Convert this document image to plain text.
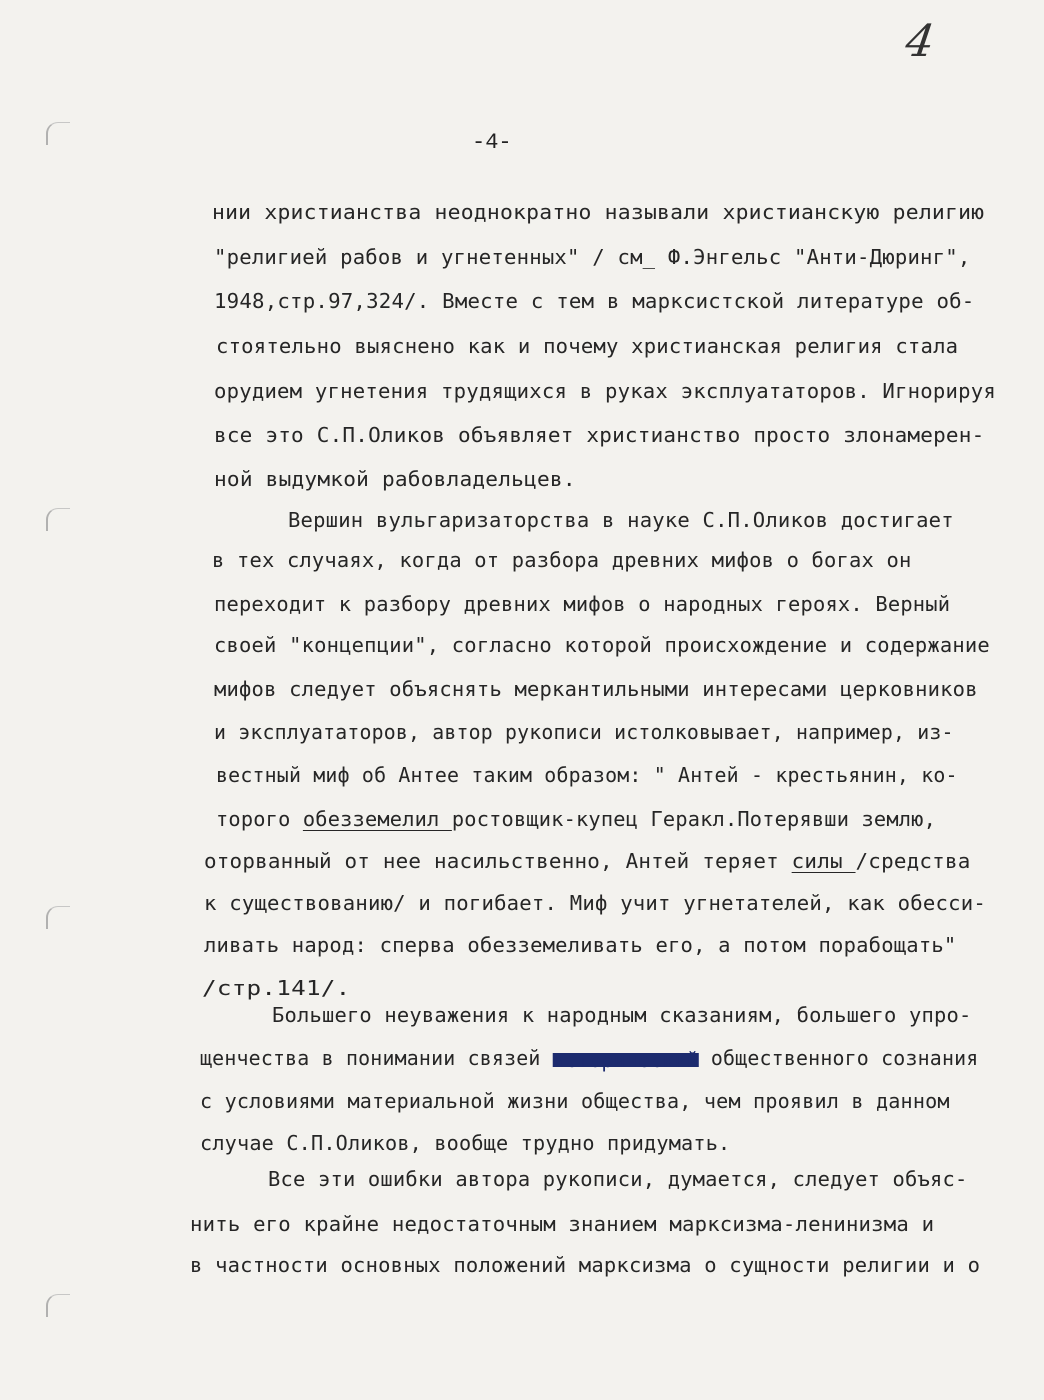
4
-4-
нии христианства неоднократно называли христианскую религию
"религией рабов и угнетенных" / см_ Ф.Энгельс "Анти-Дюринг",
1948,стр.97,324/. Вместе с тем в марксистской литературе об-
стоятельно выяснено как и почему христианская религия стала
орудием угнетения трудящихся в руках эксплуататоров. Игнорируя
все это С.П.Оликов объявляет христианство просто злонамерен-
ной выдумкой рабовладельцев.
Вершин вульгаризаторства в науке С.П.Оликов достигает
в тех случаях, когда от разбора древних мифов о богах он
переходит к разбору древних мифов о народных героях. Верный
своей "концепции", согласно которой происхождение и содержание
мифов следует объяснять меркантильными интересами церковников
и эксплуататоров, автор рукописи истолковывает, например, из-
вестный миф об Антее таким образом: " Антей - крестьянин, ко-
торого обезземелил ростовщик-купец Геракл.Потерявши землю,
оторванный от нее насильственно, Антей теряет силы /средства
к существованию/ и погибает. Миф учит угнетателей, как обесси-
ливать народ: сперва обезземеливать его, а потом порабощать"
/стр.141/.
Большего неуважения к народным сказаниям, большего упро-
щенчества в понимании связей исторический общественного сознания
с условиями материальной жизни общества, чем проявил в данном
случае С.П.Оликов, вообще трудно придумать.
Все эти ошибки автора рукописи, думается, следует объяс-
нить его крайне недостаточным знанием марксизма-ленинизма и
в частности основных положений марксизма о сущности религии и о
